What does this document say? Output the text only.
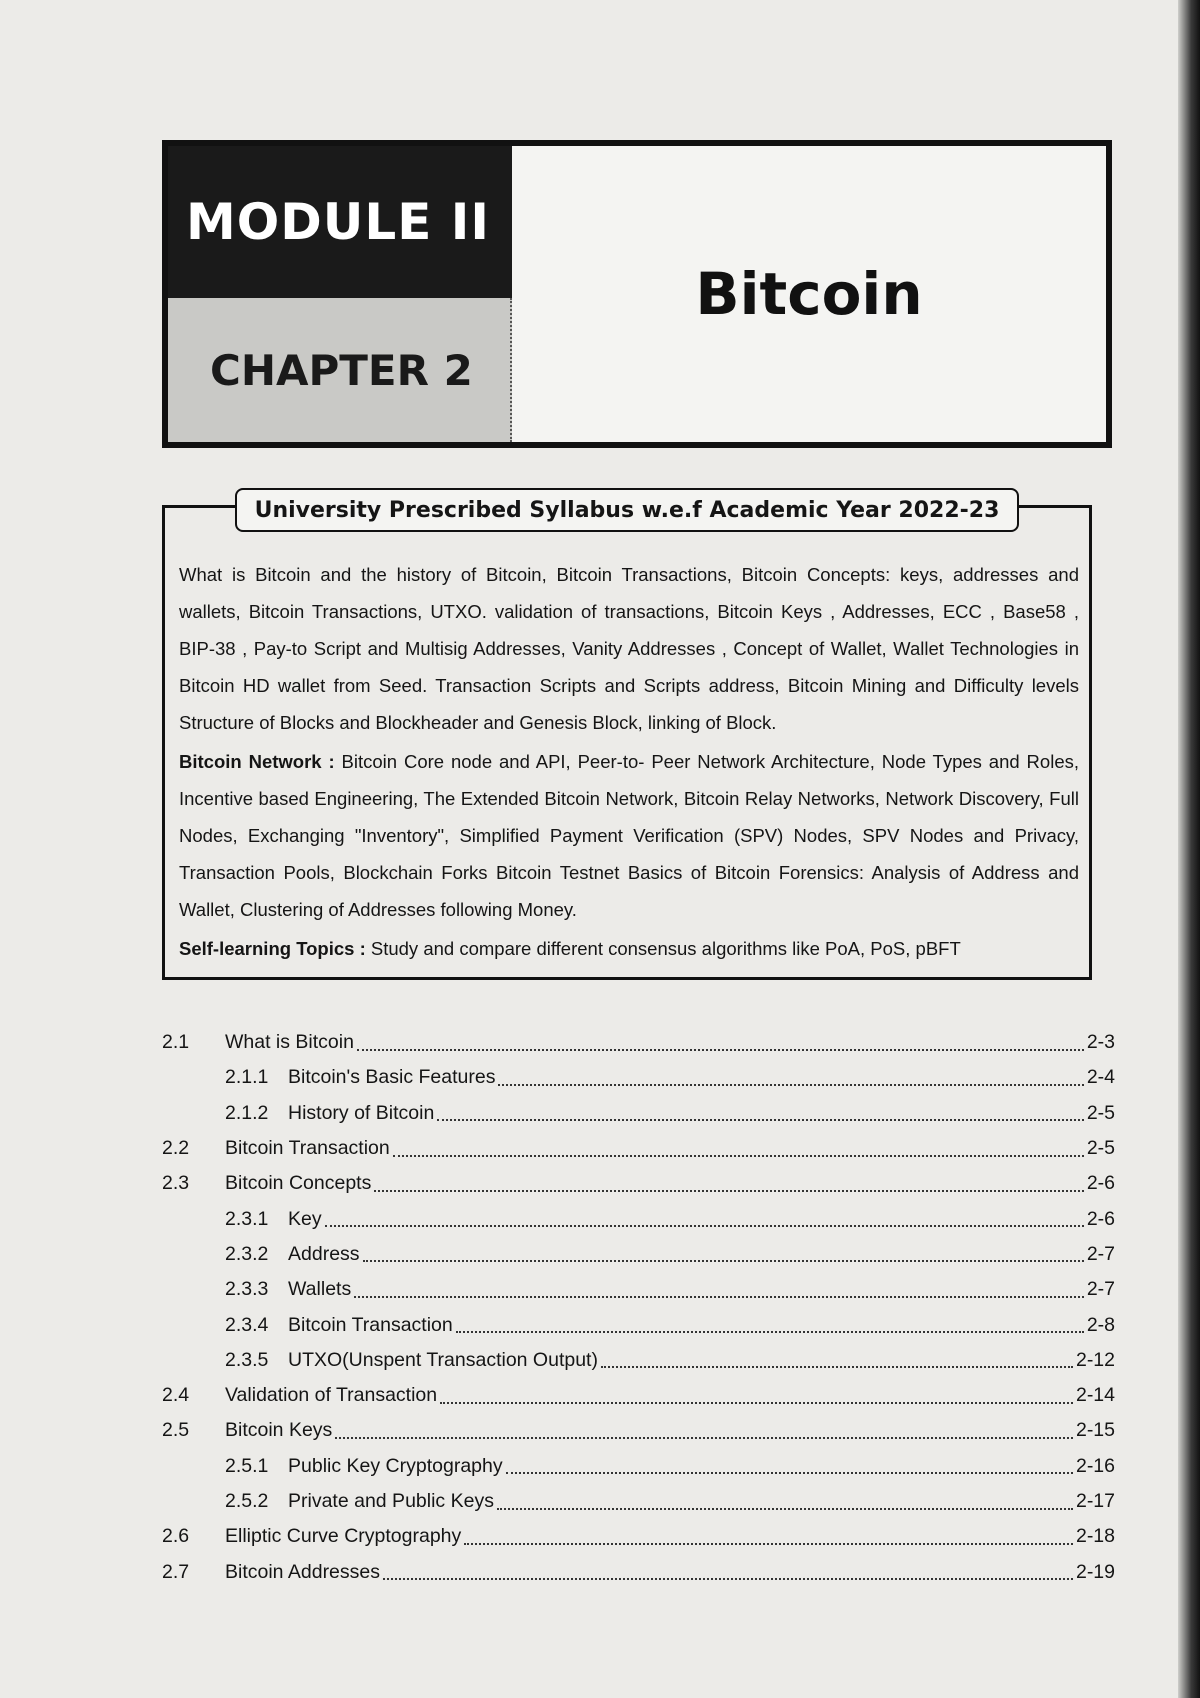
MODULE II
CHAPTER 2
Bitcoin
University Prescribed Syllabus w.e.f Academic Year 2022-23

What is Bitcoin and the history of Bitcoin, Bitcoin Transactions, Bitcoin Concepts: keys, addresses and wallets, Bitcoin Transactions, UTXO. validation of transactions, Bitcoin Keys , Addresses, ECC , Base58 , BIP-38 , Pay-to Script and Multisig Addresses, Vanity Addresses , Concept of Wallet, Wallet Technologies in Bitcoin HD wallet from Seed. Transaction Scripts and Scripts address, Bitcoin Mining and Difficulty levels Structure of Blocks and Blockheader and Genesis Block, linking of Block.

Bitcoin Network : Bitcoin Core node and API, Peer-to- Peer Network Architecture, Node Types and Roles, Incentive based Engineering, The Extended Bitcoin Network, Bitcoin Relay Networks, Network Discovery, Full Nodes, Exchanging "Inventory", Simplified Payment Verification (SPV) Nodes, SPV Nodes and Privacy, Transaction Pools, Blockchain Forks Bitcoin Testnet Basics of Bitcoin Forensics: Analysis of Address and Wallet, Clustering of Addresses following Money.

Self-learning Topics : Study and compare different consensus algorithms like PoA, PoS, pBFT

2.1	What is Bitcoin	2-3
2.1.1	Bitcoin's Basic Features	2-4
2.1.2	History of Bitcoin	2-5
2.2	Bitcoin Transaction	2-5
2.3	Bitcoin Concepts	2-6
2.3.1	Key	2-6
2.3.2	Address	2-7
2.3.3	Wallets	2-7
2.3.4	Bitcoin Transaction	2-8
2.3.5	UTXO(Unspent Transaction Output)	2-12
2.4	Validation of Transaction	2-14
2.5	Bitcoin Keys	2-15
2.5.1	Public Key Cryptography	2-16
2.5.2	Private and Public Keys	2-17
2.6	Elliptic Curve Cryptography	2-18
2.7	Bitcoin Addresses	2-19
